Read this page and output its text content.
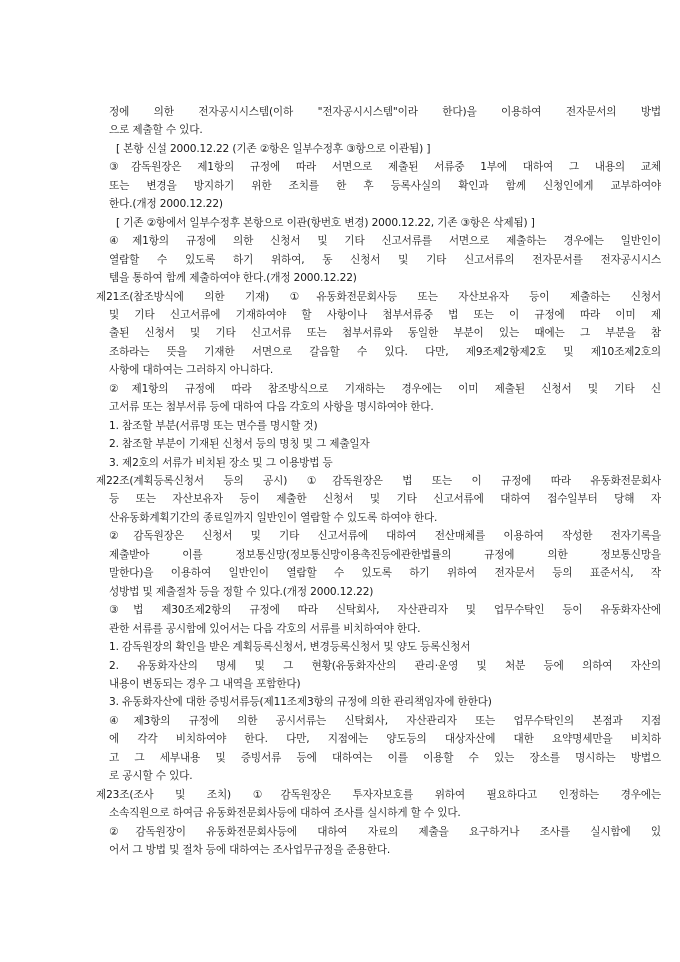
정에 의한 전자공시시스템(이하 "전자공시시스템"이라 한다)을 이용하여 전자문서의 방법
으로 제출할 수 있다.
[ 본항 신설 2000.12.22 (기존 ②항은 일부수정후 ③항으로 이관됨) ]
③감독원장은 제1항의 규정에 따라 서면으로 제출된 서류중 1부에 대하여 그 내용의 교체
또는 변경을 방지하기 위한 조치를 한 후 등록사실의 확인과 함께 신청인에게 교부하여야
한다.(개정 2000.12.22)
[ 기존 ②항에서 일부수정후 본항으로 이관(항번호 변경) 2000.12.22, 기존 ③항은 삭제됨) ]
④제1항의 규정에 의한 신청서 및 기타 신고서류를 서면으로 제출하는 경우에는 일반인이
열람할 수 있도록 하기 위하여, 동 신청서 및 기타 신고서류의 전자문서를 전자공시시스
템을 통하여 함께 제출하여야 한다.(개정 2000.12.22)
제21조(참조방식에 의한 기재) ①유동화전문회사등 또는 자산보유자 등이 제출하는 신청서
및 기타 신고서류에 기재하여야 할 사항이나 첨부서류중 법 또는 이 규정에 따라 이미 제
출된 신청서 및 기타 신고서류 또는 첨부서류와 동일한 부분이 있는 때에는 그 부분을 참
조하라는 뜻을 기재한 서면으로 갈음할 수 있다. 다만, 제9조제2항제2호 및 제10조제2호의
사항에 대하여는 그러하지 아니하다.
②제1항의 규정에 따라 참조방식으로 기재하는 경우에는 이미 제출된 신청서 및 기타 신
고서류 또는 첨부서류 등에 대하여 다음 각호의 사항을 명시하여야 한다.
1. 참조할 부분(서류명 또는 면수를 명시할 것)
2. 참조할 부분이 기재된 신청서 등의 명칭 및 그 제출일자
3. 제2호의 서류가 비치된 장소 및 그 이용방법 등
제22조(계획등록신청서 등의 공시) ①감독원장은 법 또는 이 규정에 따라 유동화전문회사
등 또는 자산보유자 등이 제출한 신청서 및 기타 신고서류에 대하여 접수일부터 당해 자
산유동화계획기간의 종료일까지 일반인이 열람할 수 있도록 하여야 한다.
②감독원장은 신청서 및 기타 신고서류에 대하여 전산매체를 이용하여 작성한 전자기록을
제출받아 이를 정보통신망(정보통신망이용촉진등에관한법률의 규정에 의한 정보통신망을
말한다)을 이용하여 일반인이 열람할 수 있도록 하기 위하여 전자문서 등의 표준서식, 작
성방법 및 제출절차 등을 정할 수 있다.(개정 2000.12.22)
③법 제30조제2항의 규정에 따라 신탁회사, 자산관리자 및 업무수탁인 등이 유동화자산에
관한 서류를 공시함에 있어서는 다음 각호의 서류를 비치하여야 한다.
1. 감독원장의 확인을 받은 계획등록신청서, 변경등록신청서 및 양도 등록신청서
2. 유동화자산의 명세 및 그 현황(유동화자산의 관리·운영 및 처분 등에 의하여 자산의
내용이 변동되는 경우 그 내역을 포함한다)
3. 유동화자산에 대한 증빙서류등(제11조제3항의 규정에 의한 관리책임자에 한한다)
④제3항의 규정에 의한 공시서류는 신탁회사, 자산관리자 또는 업무수탁인의 본점과 지점
에 각각 비치하여야 한다. 다만, 지점에는 양도등의 대상자산에 대한 요약명세만을 비치하
고 그 세부내용 및 증빙서류 등에 대하여는 이를 이용할 수 있는 장소를 명시하는 방법으
로 공시할 수 있다.
제23조(조사 및 조치) ①감독원장은 투자자보호를 위하여 필요하다고 인정하는 경우에는
소속직원으로 하여금 유동화전문회사등에 대하여 조사를 실시하게 할 수 있다.
②감독원장이 유동화전문회사등에 대하여 자료의 제출을 요구하거나 조사를 실시함에 있
어서 그 방법 및 절차 등에 대하여는 조사업무규정을 준용한다.
